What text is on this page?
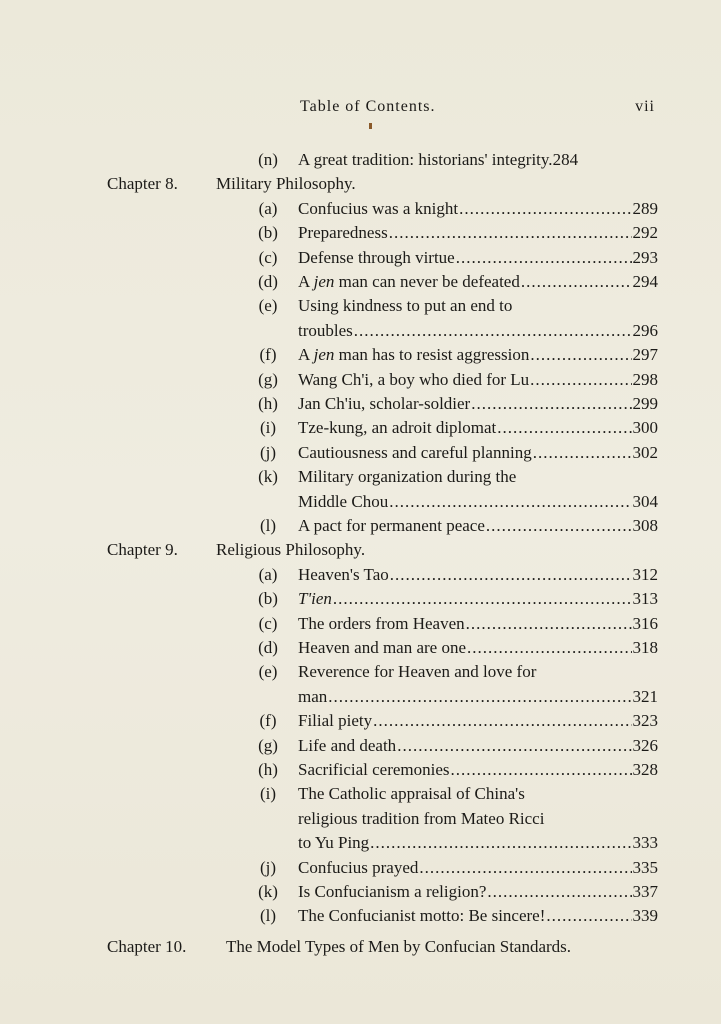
Table of Contents.	vii
(n)	A great tradition: historians' integrity. 284
Chapter 8. Military Philosophy.
(a)	Confucius was a knight .....	289
(b)	Preparedness .....	292
(c)	Defense through virtue .....	293
(d)	A jen man can never be defeated .....	294
(e)	Using kindness to put an end to
troubles .....	296
(f)	A jen man has to resist aggression .....	297
(g)	Wang Ch'i, a boy who died for Lu .....	298
(h)	Jan Ch'iu, scholar-soldier .....	299
(i)	Tze-kung, an adroit diplomat .....	300
(j)	Cautiousness and careful planning .....	302
(k)	Military organization during the
Middle Chou .....	304
(l)	A pact for permanent peace .....	308
Chapter 9. Religious Philosophy.
(a)	Heaven's Tao .....	312
(b)	T'ien .....	313
(c)	The orders from Heaven .....	316
(d)	Heaven and man are one .....	318
(e)	Reverence for Heaven and love for
man .....	321
(f)	Filial piety .....	323
(g)	Life and death .....	326
(h)	Sacrificial ceremonies .....	328
(i)	The Catholic appraisal of China's
religious tradition from Mateo Ricci
to Yu Ping .....	333
(j)	Confucius prayed .....	335
(k)	Is Confucianism a religion? .....	337
(l)	The Confucianist motto: Be sincere! .....	339
Chapter 10. The Model Types of Men by Confucian Standards.
